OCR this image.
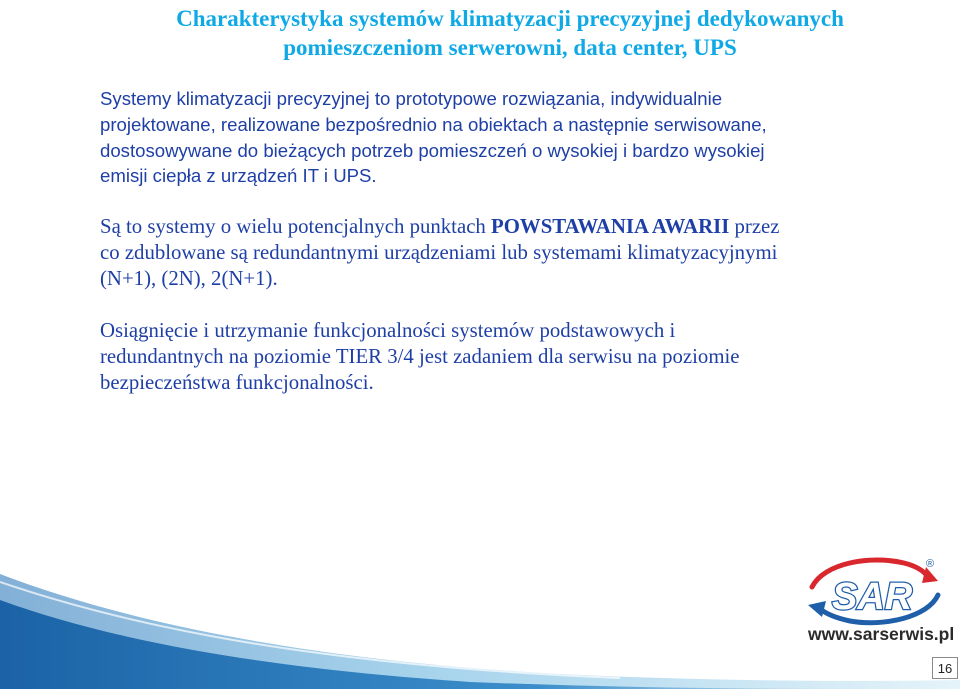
Charakterystyka systemów klimatyzacji precyzyjnej dedykowanych
pomieszczeniom serwerowni, data center, UPS

Systemy klimatyzacji precyzyjnej to prototypowe rozwiązania, indywidualnie
projektowane, realizowane bezpośrednio na obiektach a następnie serwisowane,
dostosowywane do bieżących potrzeb pomieszczeń o wysokiej i bardzo wysokiej
emisji ciepła z urządzeń IT i UPS.

Są to systemy o wielu potencjalnych punktach POWSTAWANIA AWARII przez
co zdublowane są redundantnymi urządzeniami lub systemami klimatyzacyjnymi
(N+1), (2N), 2(N+1).

Osiągnięcie i utrzymanie funkcjonalności systemów podstawowych i
redundantnych na poziomie TIER 3/4 jest zadaniem dla serwisu na poziomie
bezpieczeństwa funkcjonalności.

SAR
®
www.sarserwis.pl
16
